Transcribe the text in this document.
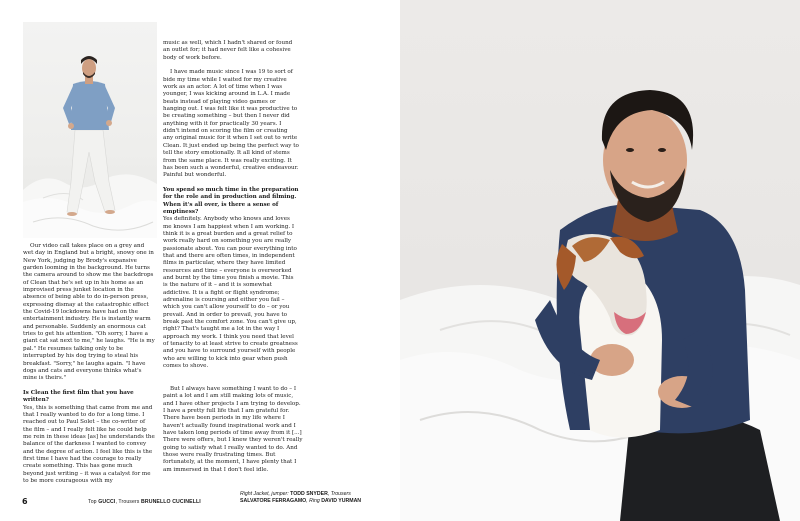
Our video call takes place on a grey and wet day in England but a bright, snowy one in New York, judging by Brody's expansive garden looming in the background. He turns the camera around to show me the backdrops of Clean that he's set up in his home as an improvised press junket location in the absence of being able to do in-person press, expressing dismay at the catastrophic effect the Covid-19 lockdowns have had on the entertainment industry. He is instantly warm and personable. Suddenly an enormous cat tries to get his attention. "Oh sorry, I have a giant cat sat next to me," he laughs. "He is my pal." He resumes talking only to be interrupted by his dog trying to steal his breakfast. "Sorry," he laughs again. "I have dogs and cats and everyone thinks what's mine is theirs."

Is Clean the first film that you have written?

Yes, this is something that came from me and that I really wanted to do for a long time. I reached out to Paul Solet – the co-writer of the film – and I really felt like he could help me rein in these ideas [as] he understands the balance of the darkness I wanted to convey and the degree of action. I feel like this is the first time I have had the courage to really create something. This has gone much beyond just writing – it was a catalyst for me to be more courageous with my

music as well, which I hadn't shared or found an outlet for; it had never felt like a cohesive body of work before.

I have made music since I was 19 to sort of bide my time while I waited for my creative work as an actor. A lot of time when I was younger, I was kicking around in L.A. I made beats instead of playing video games or hanging out. I was felt like it was productive to be creating something – but then I never did anything with it for practically 30 years. I didn't intend on scoring the film or creating any original music for it when I set out to write Clean. It just ended up being the perfect way to tell the story emotionally. It all kind of stems from the same place. It was really exciting. It has been such a wonderful, creative endeavour. Painful but wonderful.

You spend so much time in the preparation for the role and in production and filming. When it's all over, is there a sense of emptiness?

Yes definitely. Anybody who knows and loves me knows I am happiest when I am working. I think it is a great burden and a great relief to work really hard on something you are really passionate about. You can pour everything into that and there are often times, in independent films in particular, where they have limited resources and time – everyone is overworked and burnt by the time you finish a movie. This is the nature of it – and it is somewhat addictive. It is a fight or flight syndrome; adrenaline is coursing and either you fail – which you can't allow yourself to do – or you prevail. And in order to prevail, you have to break past the comfort zone. You can't give up, right? That's taught me a lot in the way I approach my work. I think you need that level of tenacity to at least strive to create greatness and you have to surround yourself with people who are willing to kick into gear when push comes to shove.

But I always have something I want to do – I paint a lot and I am still making lots of music, and I have other projects I am trying to develop. I have a pretty full life that I am grateful for. There have been periods in my life where I haven't actually found inspirational work and I have taken long periods of time away from it [...] There were offers, but I knew they weren't really going to satisfy what I really wanted to do. And those were really frustrating times. But fortunately, at the moment, I have plenty that I am immersed in that I don't feel idle.

6	Top GUCCI, Trousers BRUNELLO CUCINELLI
Right Jacket, jumper: TODD SNYDER, Trousers
SALVATORE FERRAGAMO, Ring DAVID YURMAN
